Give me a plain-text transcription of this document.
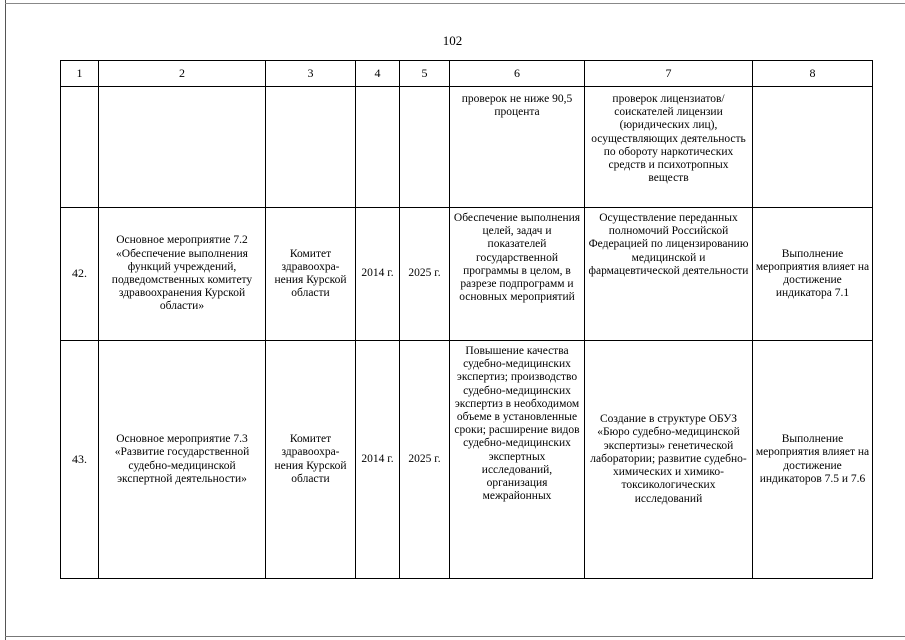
102
1	2	3	4	5	6	7	8
					проверок не ниже 90,5 процента	проверок лицензиатов/ соискателей лицензии (юридических лиц), осуществляющих деятельность по обороту наркотических средств и психотропных веществ	
42.	Основное мероприятие 7.2 «Обеспечение выполнения функций учреждений, подведомственных комитету здравоохранения Курской области»	Комитет здравоохра-нения Курской области	2014 г.	2025 г.	Обеспечение выполнения целей, задач и показателей государственной программы в целом, в разрезе подпрограмм и основных мероприятий	Осуществление переданных полномочий Российской Федерацией по лицензированию медицинской и фармацевтической деятельности	Выполнение мероприятия влияет на достижение индикатора 7.1
43.	Основное мероприятие 7.3 «Развитие государственной судебно-медицинской экспертной деятельности»	Комитет здравоохра-нения Курской области	2014 г.	2025 г.	Повышение качества судебно-медицинских экспертиз; производство судебно-медицинских экспертиз в необходимом объеме в установленные сроки; расширение видов судебно-медицинских экспертных исследований, организация межрайонных	Создание в структуре ОБУЗ «Бюро судебно-медицинской экспертизы» генетической лаборатории; развитие судебно-химических и химико-токсикологических исследований	Выполнение мероприятия влияет на достижение индикаторов 7.5 и 7.6
